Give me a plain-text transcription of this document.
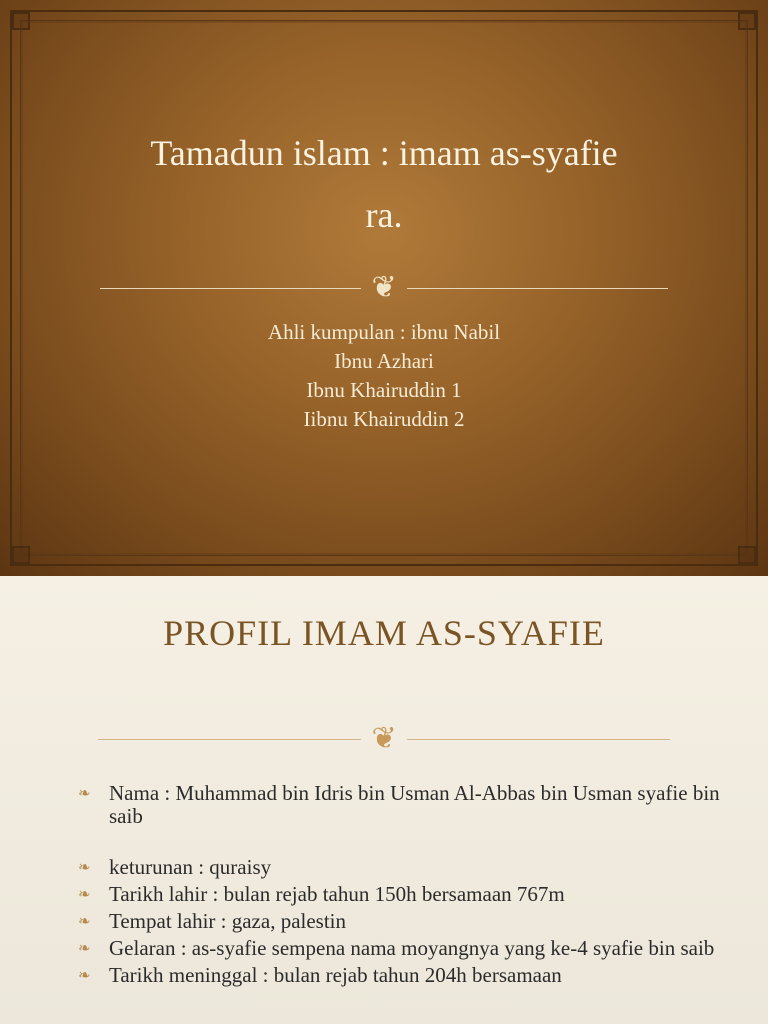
Tamadun islam : imam as-syafie
ra.
❦
Ahli kumpulan : ibnu Nabil
Ibnu Azhari
Ibnu Khairuddin 1
Iibnu Khairuddin 2
PROFIL IMAM AS-SYAFIE
❦
❧ Nama : Muhammad bin Idris bin Usman Al-Abbas bin Usman syafie bin saib
❧ keturunan : quraisy
❧ Tarikh lahir : bulan rejab tahun 150h bersamaan 767m
❧ Tempat lahir : gaza, palestin
❧ Gelaran : as-syafie sempena nama moyangnya yang ke-4 syafie bin saib
❧ Tarikh meninggal : bulan rejab tahun 204h bersamaan
